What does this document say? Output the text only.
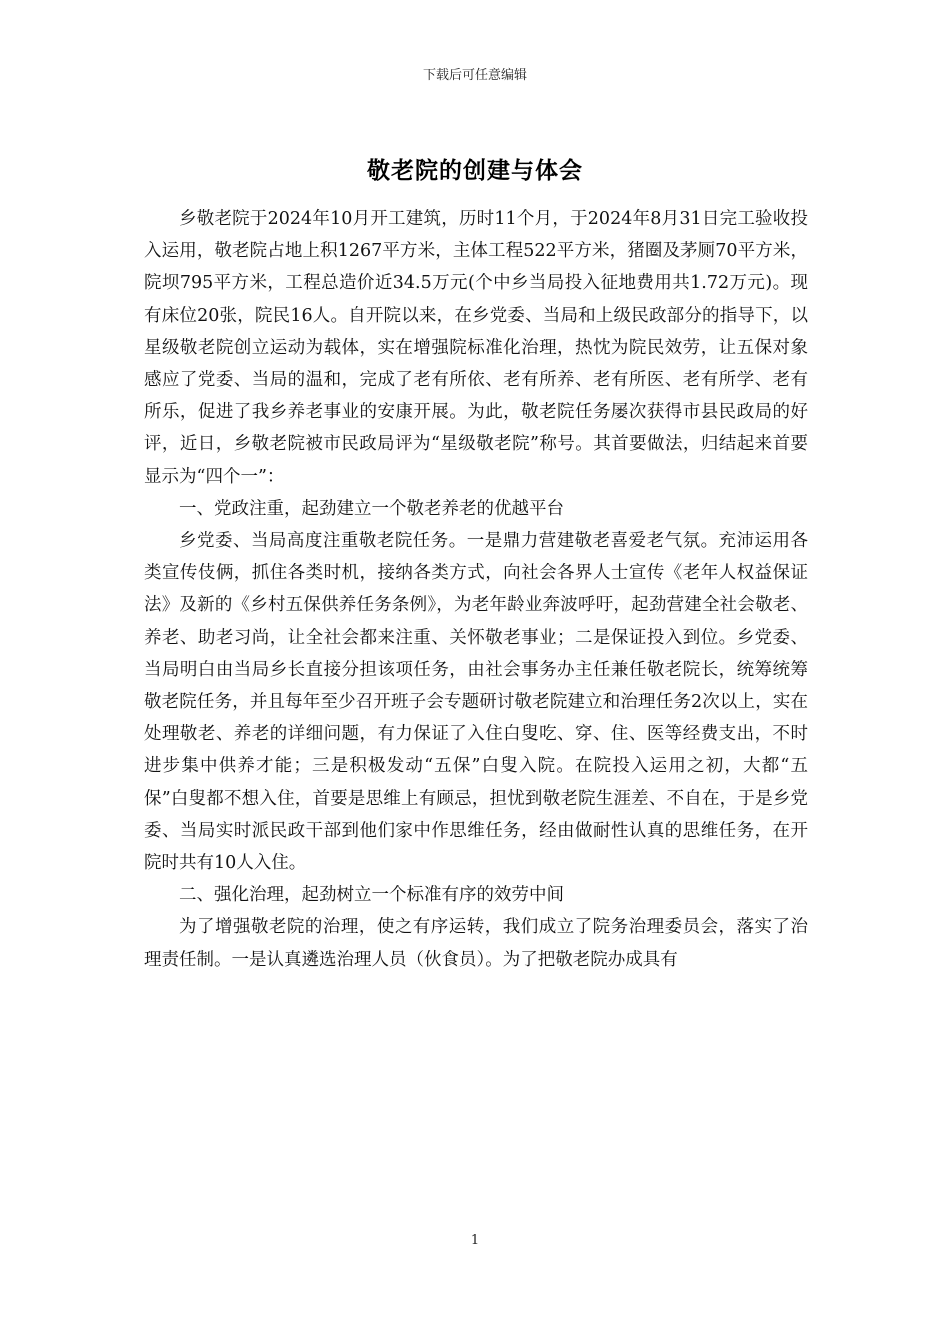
下载后可任意编辑
敬老院的创建与体会

乡敬老院于2024年10月开工建筑，历时11个月，于2024年8月31日完工验收投入运用，敬老院占地上积1267平方米，主体工程522平方米，猪圈及茅厕70平方米，院坝795平方米，工程总造价近34.5万元(个中乡当局投入征地费用共1.72万元)。现有床位20张，院民16人。自开院以来，在乡党委、当局和上级民政部分的指导下，以星级敬老院创立运动为载体，实在增强院标准化治理，热忱为院民效劳，让五保对象感应了党委、当局的温和，完成了老有所依、老有所养、老有所医、老有所学、老有所乐，促进了我乡养老事业的安康开展。为此，敬老院任务屡次获得市县民政局的好评，近日，乡敬老院被市民政局评为“星级敬老院”称号。其首要做法，归结起来首要显示为“四个一”：

一、党政注重，起劲建立一个敬老养老的优越平台

乡党委、当局高度注重敬老院任务。一是鼎力营建敬老喜爱老气氛。充沛运用各类宣传伎俩，抓住各类时机，接纳各类方式，向社会各界人士宣传《老年人权益保证法》及新的《乡村五保供养任务条例》，为老年龄业奔波呼吁，起劲营建全社会敬老、养老、助老习尚，让全社会都来注重、关怀敬老事业；二是保证投入到位。乡党委、当局明白由当局乡长直接分担该项任务，由社会事务办主任兼任敬老院长，统筹统筹敬老院任务，并且每年至少召开班子会专题研讨敬老院建立和治理任务2次以上，实在处理敬老、养老的详细问题，有力保证了入住白叟吃、穿、住、医等经费支出，不时进步集中供养才能；三是积极发动“五保”白叟入院。在院投入运用之初，大都“五保”白叟都不想入住，首要是思维上有顾忌，担忧到敬老院生涯差、不自在，于是乡党委、当局实时派民政干部到他们家中作思维任务，经由做耐性认真的思维任务，在开院时共有10人入住。

二、强化治理，起劲树立一个标准有序的效劳中间

为了增强敬老院的治理，使之有序运转，我们成立了院务治理委员会，落实了治理责任制。一是认真遴选治理人员（伙食员）。为了把敬老院办成具有

1
